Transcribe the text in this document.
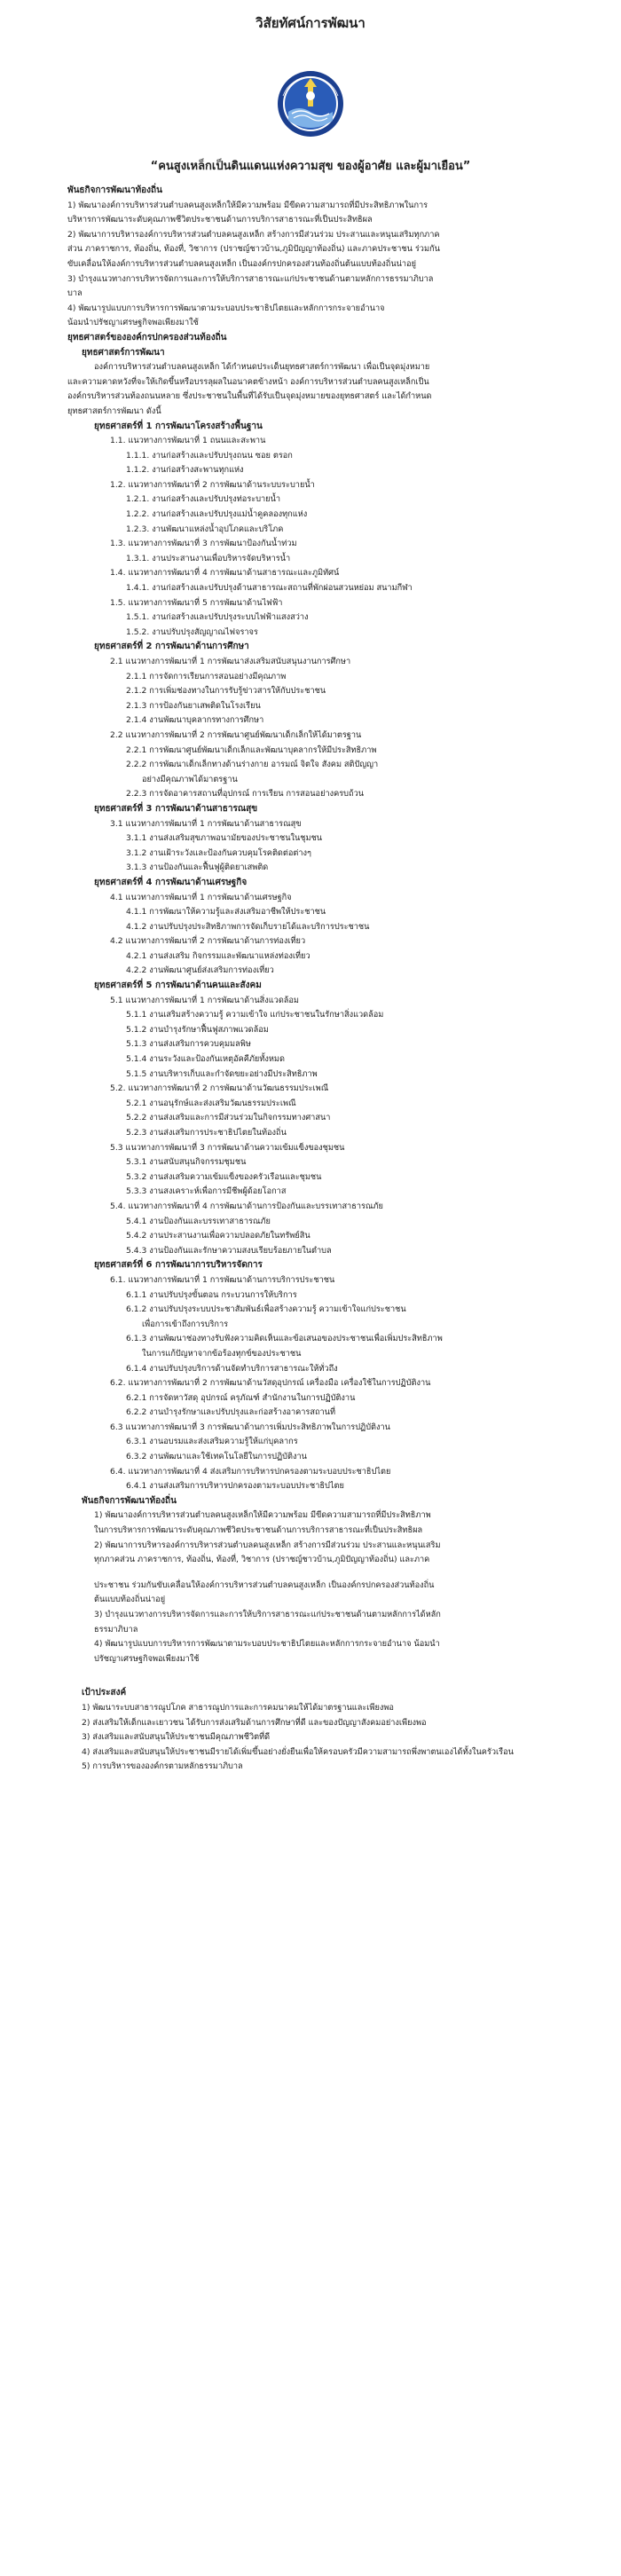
วิสัยทัศน์การพัฒนา
“คนสูงเหล็กเป็นดินแดนแห่งความสุข ของผู้อาศัย และผู้มาเยือน”
พันธกิจการพัฒนาท้องถิ่น
1) พัฒนาองค์การบริหารส่วนตำบลคนสูงเหล็กให้มีความพร้อม มีขีดความสามารถที่มีประสิทธิภาพในการ
บริหารการพัฒนาระดับคุณภาพชีวิตประชาชนด้านการบริการสาธารณะที่เป็นประสิทธิผล
2) พัฒนาการบริหารองค์การบริหารส่วนตำบลคนสูงเหล็ก สร้างการมีส่วนร่วม ประสานและหนุนเสริมทุกภาค
ส่วน ภาคราชการ, ท้องถิ่น, ท้องที่, วิชาการ (ปราชญ์ชาวบ้าน,ภูมิปัญญาท้องถิ่น) และภาคประชาชน ร่วมกัน
ขับเคลื่อนให้องค์การบริหารส่วนตำบลคนสูงเหล็ก เป็นองค์กรปกครองส่วนท้องถิ่นต้นแบบท้องถิ่นน่าอยู่
3) บำรุงแนวทางการบริหารจัดการและการให้บริการสาธารณะแก่ประชาชนด้านตามหลักการธรรมาภิบาล
บาล
4) พัฒนารูปแบบการบริหารการพัฒนาตามระบอบประชาธิปไตยและหลักการกระจายอำนาจ
น้อมนำปรัชญาเศรษฐกิจพอเพียงมาใช้
ยุทธศาสตร์ขององค์กรปกครองส่วนท้องถิ่น
ยุทธศาสตร์การพัฒนา
องค์การบริหารส่วนตำบลคนสูงเหล็ก ได้กำหนดประเด็นยุทธศาสตร์การพัฒนา เพื่อเป็นจุดมุ่งหมาย
และความคาดหวังที่จะให้เกิดขึ้นหรือบรรลุผลในอนาคตข้างหน้า องค์การบริหารส่วนตำบลคนสูงเหล็กเป็น
องค์กรบริหารส่วนท้องถนนหลาย ซึ่งประชาชนในพื้นที่ได้รับเป็นจุดมุ่งหมายของยุทธศาสตร์ และได้กำหนด
ยุทธศาสตร์การพัฒนา ดังนี้
ยุทธศาสตร์ที่ 1 การพัฒนาโครงสร้างพื้นฐาน
1.1. แนวทางการพัฒนาที่ 1 ถนนและสะพาน
1.1.1. งานก่อสร้างและปรับปรุงถนน ซอย ตรอก
1.1.2. งานก่อสร้างสะพานทุกแห่ง
1.2. แนวทางการพัฒนาที่ 2 การพัฒนาด้านระบบระบายน้ำ
1.2.1. งานก่อสร้างและปรับปรุงท่อระบายน้ำ
1.2.2. งานก่อสร้างและปรับปรุงแม่น้ำคูคลองทุกแห่ง
1.2.3. งานพัฒนาแหล่งน้ำอุปโภคและบริโภค
1.3. แนวทางการพัฒนาที่ 3 การพัฒนาป้องกันน้ำท่วม
1.3.1. งานประสานงานเพื่อบริหารจัดบริหารน้ำ
1.4. แนวทางการพัฒนาที่ 4 การพัฒนาด้านสาธารณะและภูมิทัศน์
1.4.1. งานก่อสร้างและปรับปรุงด้านสาธารณะสถานที่พักผ่อนสวนหย่อม สนามกีฬา
1.5. แนวทางการพัฒนาที่ 5 การพัฒนาด้านไฟฟ้า
1.5.1. งานก่อสร้างและปรับปรุงระบบไฟฟ้าแสงสว่าง
1.5.2. งานปรับปรุงสัญญาณไฟจราจร
ยุทธศาสตร์ที่ 2 การพัฒนาด้านการศึกษา
2.1 แนวทางการพัฒนาที่ 1 การพัฒนาส่งเสริมสนับสนุนงานการศึกษา
2.1.1 การจัดการเรียนการสอนอย่างมีคุณภาพ
2.1.2 การเพิ่มช่องทางในการรับรู้ข่าวสารให้กับประชาชน
2.1.3 การป้องกันยาเสพติดในโรงเรียน
2.1.4 งานพัฒนาบุคลากรทางการศึกษา
2.2 แนวทางการพัฒนาที่ 2 การพัฒนาศูนย์พัฒนาเด็กเล็กให้ได้มาตรฐาน
2.2.1 การพัฒนาศูนย์พัฒนาเด็กเล็กและพัฒนาบุคลากรให้มีประสิทธิภาพ
2.2.2 การพัฒนาเด็กเล็กทางด้านร่างกาย อารมณ์ จิตใจ สังคม สติปัญญา
อย่างมีคุณภาพได้มาตรฐาน
2.2.3 การจัดอาคารสถานที่อุปกรณ์ การเรียน การสอนอย่างครบถ้วน
ยุทธศาสตร์ที่ 3 การพัฒนาด้านสาธารณสุข
3.1 แนวทางการพัฒนาที่ 1 การพัฒนาด้านสาธารณสุข
3.1.1 งานส่งเสริมสุขภาพอนามัยของประชาชนในชุมชน
3.1.2 งานเฝ้าระวังและป้องกันควบคุมโรคติดต่อต่างๆ
3.1.3 งานป้องกันและฟื้นฟูผู้ติดยาเสพติด
ยุทธศาสตร์ที่ 4 การพัฒนาด้านเศรษฐกิจ
4.1 แนวทางการพัฒนาที่ 1 การพัฒนาด้านเศรษฐกิจ
4.1.1 การพัฒนาให้ความรู้และส่งเสริมอาชีพให้ประชาชน
4.1.2 งานปรับปรุงประสิทธิภาพการจัดเก็บรายได้และบริการประชาชน
4.2 แนวทางการพัฒนาที่ 2 การพัฒนาด้านการท่องเที่ยว
4.2.1 งานส่งเสริม กิจกรรมและพัฒนาแหล่งท่องเที่ยว
4.2.2 งานพัฒนาศูนย์ส่งเสริมการท่องเที่ยว
ยุทธศาสตร์ที่ 5 การพัฒนาด้านคนและสังคม
5.1 แนวทางการพัฒนาที่ 1 การพัฒนาด้านสิ่งแวดล้อม
5.1.1 งานเสริมสร้างความรู้ ความเข้าใจ แก่ประชาชนในรักษาสิ่งแวดล้อม
5.1.2 งานบำรุงรักษาฟื้นฟูสภาพแวดล้อม
5.1.3 งานส่งเสริมการควบคุมมลพิษ
5.1.4 งานระวังและป้องกันเหตุอัคคีภัยทั้งหมด
5.1.5 งานบริหารเก็บและกำจัดขยะอย่างมีประสิทธิภาพ
5.2. แนวทางการพัฒนาที่ 2 การพัฒนาด้านวัฒนธรรมประเพณี
5.2.1 งานอนุรักษ์และส่งเสริมวัฒนธรรมประเพณี
5.2.2 งานส่งเสริมและการมีส่วนร่วมในกิจกรรมทางศาสนา
5.2.3 งานส่งเสริมการประชาธิปไตยในท้องถิ่น
5.3 แนวทางการพัฒนาที่ 3 การพัฒนาด้านความเข้มแข็งของชุมชน
5.3.1 งานสนับสนุนกิจกรรมชุมชน
5.3.2 งานส่งเสริมความเข้มแข็งของครัวเรือนและชุมชน
5.3.3 งานสงเคราะห์เพื่อการมีชีพผู้ด้อยโอกาส
5.4. แนวทางการพัฒนาที่ 4 การพัฒนาด้านการป้องกันและบรรเทาสาธารณภัย
5.4.1 งานป้องกันและบรรเทาสาธารณภัย
5.4.2 งานประสานงานเพื่อความปลอดภัยในทรัพย์สิน
5.4.3 งานป้องกันและรักษาความสงบเรียบร้อยภายในตำบล
ยุทธศาสตร์ที่ 6 การพัฒนาการบริหารจัดการ
6.1. แนวทางการพัฒนาที่ 1 การพัฒนาด้านการบริการประชาชน
6.1.1 งานปรับปรุงขั้นตอน กระบวนการให้บริการ
6.1.2 งานปรับปรุงระบบประชาสัมพันธ์เพื่อสร้างความรู้ ความเข้าใจแก่ประชาชน
เพื่อการเข้าถึงการบริการ
6.1.3 งานพัฒนาช่องทางรับฟังความคิดเห็นและข้อเสนอของประชาชนเพื่อเพิ่มประสิทธิภาพ
ในการแก้ปัญหาจากข้อร้องทุกข์ของประชาชน
6.1.4 งานปรับปรุงบริการด้านจัดทำบริการสาธารณะให้ทั่วถึง
6.2. แนวทางการพัฒนาที่ 2 การพัฒนาด้านวัสดุอุปกรณ์ เครื่องมือ เครื่องใช้ในการปฏิบัติงาน
6.2.1 การจัดหาวัสดุ อุปกรณ์ ครุภัณฑ์ สำนักงานในการปฏิบัติงาน
6.2.2 งานบำรุงรักษาและปรับปรุงและก่อสร้างอาคารสถานที่
6.3 แนวทางการพัฒนาที่ 3 การพัฒนาด้านการเพิ่มประสิทธิภาพในการปฏิบัติงาน
6.3.1 งานอบรมและส่งเสริมความรู้ให้แก่บุคลากร
6.3.2 งานพัฒนาและใช้เทคโนโลยีในการปฏิบัติงาน
6.4. แนวทางการพัฒนาที่ 4 ส่งเสริมการบริหารปกครองตามระบอบประชาธิปไตย
6.4.1 งานส่งเสริมการบริหารปกครองตามระบอบประชาธิปไตย
พันธกิจการพัฒนาท้องถิ่น
1) พัฒนาองค์การบริหารส่วนตำบลคนสูงเหล็กให้มีความพร้อม มีขีดความสามารถที่มีประสิทธิภาพ
ในการบริหารการพัฒนาระดับคุณภาพชีวิตประชาชนด้านการบริการสาธารณะที่เป็นประสิทธิผล
2) พัฒนาการบริหารองค์การบริหารส่วนตำบลคนสูงเหล็ก สร้างการมีส่วนร่วม ประสานและหนุนเสริม
ทุกภาคส่วน ภาคราชการ, ท้องถิ่น, ท้องที่, วิชาการ (ปราชญ์ชาวบ้าน,ภูมิปัญญาท้องถิ่น) และภาค
ประชาชน ร่วมกันขับเคลื่อนให้องค์การบริหารส่วนตำบลคนสูงเหล็ก เป็นองค์กรปกครองส่วนท้องถิ่น
ต้นแบบท้องถิ่นน่าอยู่
3) บำรุงแนวทางการบริหารจัดการและการให้บริการสาธารณะแก่ประชาชนด้านตามหลักการได้หลัก
ธรรมาภิบาล
4) พัฒนารูปแบบการบริหารการพัฒนาตามระบอบประชาธิปไตยและหลักการกระจายอำนาจ น้อมนำ
ปรัชญาเศรษฐกิจพอเพียงมาใช้
เป้าประสงค์
1) พัฒนาระบบสาธารณูปโภค สาธารณูปการและการคมนาคมให้ได้มาตรฐานและเพียงพอ
2) ส่งเสริมให้เด็กและเยาวชน ได้รับการส่งเสริมด้านการศึกษาที่ดี และของปัญญาสังคมอย่างเพียงพอ
3) ส่งเสริมและสนับสนุนให้ประชาชนมีคุณภาพชีวิตที่ดี
4) ส่งเสริมและสนับสนุนให้ประชาชนมีรายได้เพิ่มขึ้นอย่างยั่งยืนเพื่อให้ครอบครัวมีความสามารถพึ่งพาตนเองได้ทั้งในครัวเรือน
5) การบริหารขององค์กรตามหลักธรรมาภิบาล
